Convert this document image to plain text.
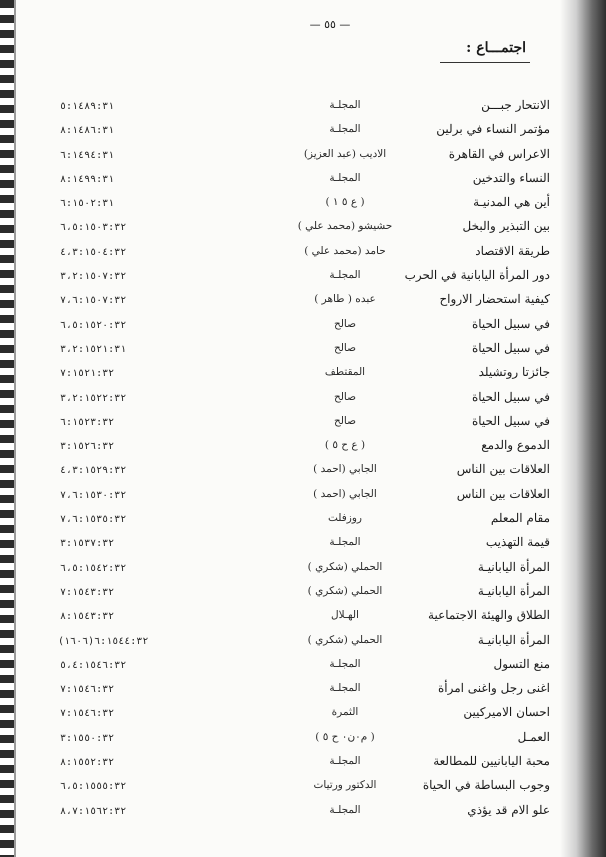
— ٥٥ —
اجتمـــاع :
الانتحار جبـــن
المجلـة
٥:١٤٨٩:٣١
مؤتمر النساء في برلين
المجلـة
٨:١٤٨٦:٣١
الاعراس في القاهرة
الاديب (عبد العزيز)
٦:١٤٩٤:٣١
النساء والتدخين
المجلـة
٨:١٤٩٩:٣١
أين هي المدنيـة
( ع ٥ ١ )
٦:١٥٠٢:٣١
بين التبذير والبخل
حشيشو (محمد علي )
٦،٥:١٥٠٣:٣٢
طريقة الاقتصاد
حامد (محمد علي )
٤،٣:١٥٠٤:٣٢
دور المرأة اليابانية في الحرب
المجلـة
٣،٢:١٥٠٧:٣٢
كيفية استحضار الارواح
عبده ( طاهر )
٧،٦:١٥٠٧:٣٢
في سبيل الحياة
صالح
٦،٥:١٥٢٠:٣٢
في سبيل الحياة
صالح
٣،٢:١٥٢١:٣١
جائزتا روتشيلد
المقتطف
٧:١٥٢١:٣٢
في سبيل الحياة
صالح
٣،٢:١٥٢٢:٣٢
في سبيل الحياة
صالح
٦:١٥٢٣:٣٢
الدموع والدمع
( ع ح ٥ )
٣:١٥٢٦:٣٢
العلاقات بين الناس
الجابي (احمد )
٤،٣:١٥٢٩:٣٢
العلاقات بين الناس
الجابي (احمد )
٧،٦:١٥٣٠:٣٢
مقام المعلم
روزفلت
٧،٦:١٥٣٥:٣٢
قيمة التهذيب
المجلـة
٣:١٥٣٧:٣٢
المرأة اليابانيـة
الحملي (شكري )
٦،٥:١٥٤٢:٣٢
المرأة اليابانيـة
الحملي (شكري )
٧:١٥٤٣:٣٢
الطلاق والهيئة الاجتماعية
الهـلال
٨:١٥٤٣:٣٢
المرأة اليابانيـة
الحملي (شكري )
(١٦٠٦)٦:١٥٤٤:٣٢
منع التسول
المجلـة
٥،٤:١٥٤٦:٣٢
اغنى رجل واغنى امرأة
المجلـة
٧:١٥٤٦:٣٢
احسان الاميركيين
الثمرة
٧:١٥٤٦:٣٢
العمـل
( م٠ن٠ ح ٥ )
٣:١٥٥٠:٣٢
محبة اليابانيين للمطالعة
المجلـة
٨:١٥٥٢:٣٢
وجوب البساطة في الحياة
الدكتور ورتيات
٦،٥:١٥٥٥:٣٢
علو الام قد يؤذي
المجلـة
٨،٧:١٥٦٢:٣٢
